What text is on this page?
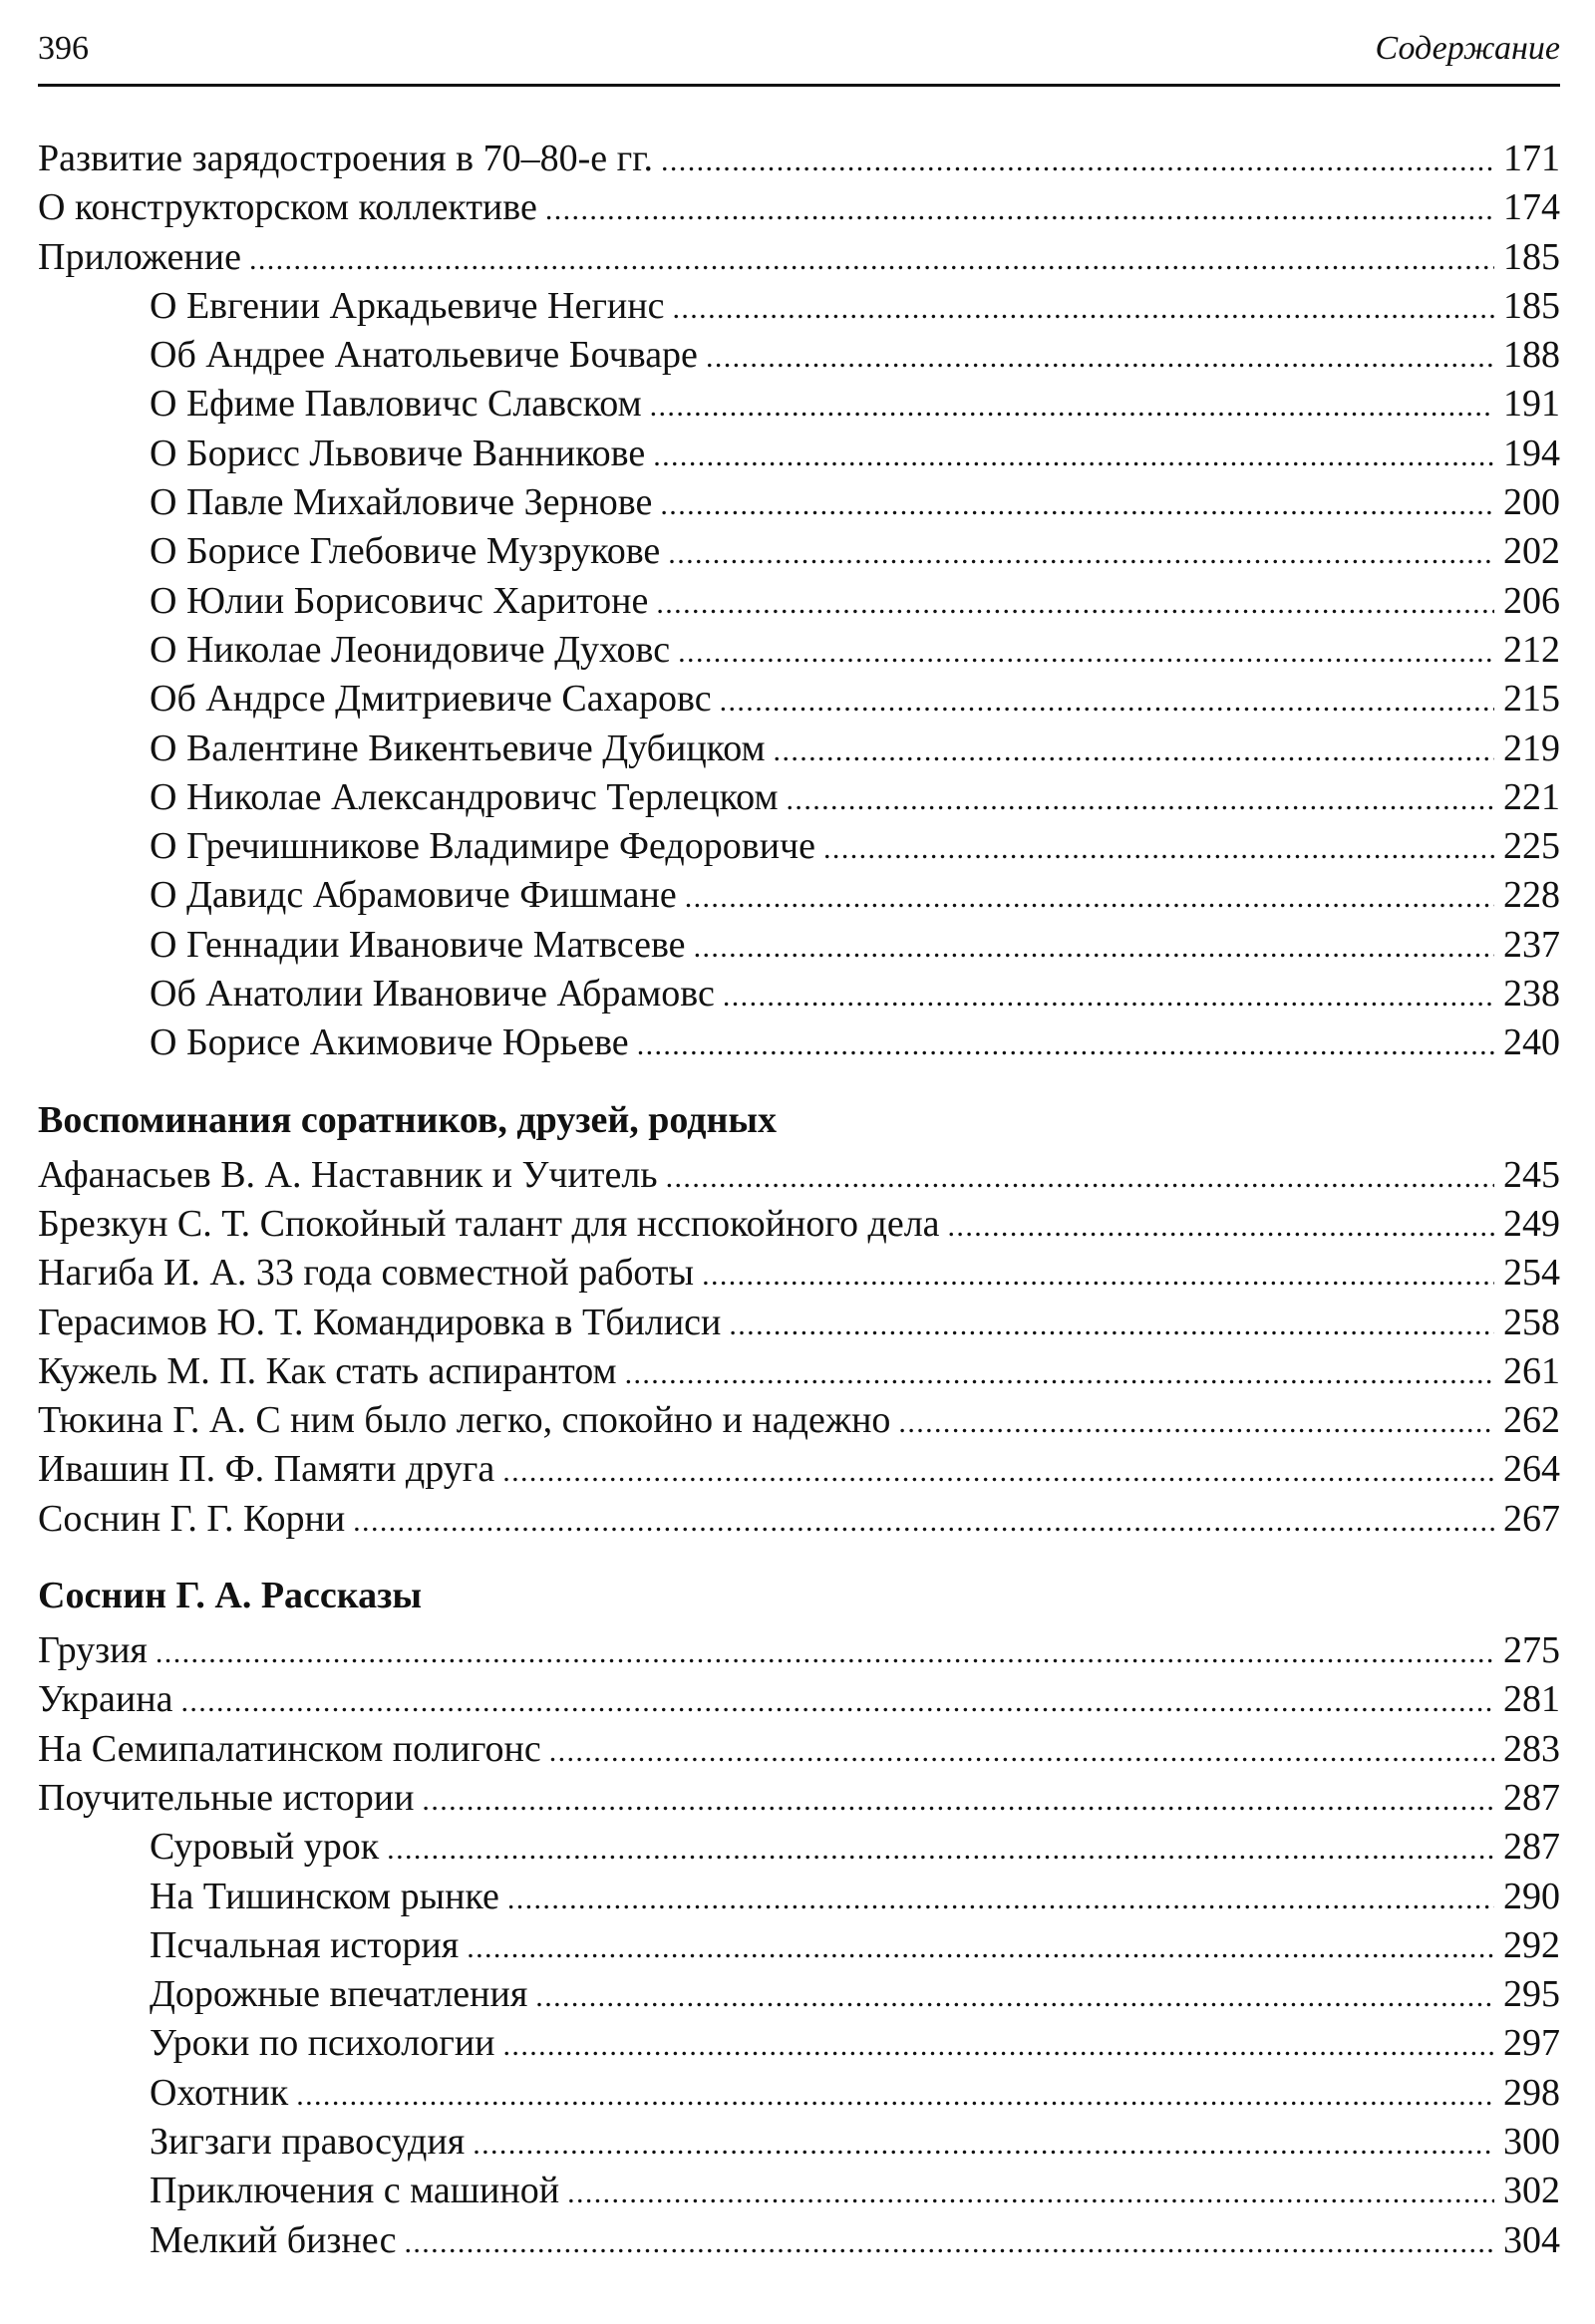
396	Содержание
Развитие зарядостроения в 70–80-е гг. .....	171
О конструкторском коллективе .....	174
Приложение .....	185
О Евгении Аркадьевиче Негинс .....	185
Об Андрее Анатольевиче Бочваре .....	188
О Ефиме Павловичс Славском .....	191
О Борисс Львовиче Ванникове .....	194
О Павле Михайловиче Зернове .....	200
О Борисе Глебовиче Музрукове .....	202
О Юлии Борисовичс Харитоне .....	206
О Николае Леонидовиче Духовс .....	212
Об Андрсе Дмитриевиче Сахаровс .....	215
О Валентине Викентьевиче Дубицком .....	219
О Николае Александровичс Терлецком .....	221
О Гречишникове Владимире Федоровиче .....	225
О Давидс Абрамовиче Фишмане .....	228
О Геннадии Ивановиче Матвсеве .....	237
Об Анатолии Ивановиче Абрамовс .....	238
О Борисе Акимовиче Юрьеве .....	240
Воспоминания соратников, друзей, родных
Афанасьев В. А. Наставник и Учитель .....	245
Брезкун С. Т. Спокойный талант для нсспокойного дела .....	249
Нагиба И. А. 33 года совместной работы .....	254
Герасимов Ю. Т. Командировка в Тбилиси .....	258
Кужель М. П. Как стать аспирантом .....	261
Тюкина Г. А. С ним было легко, спокойно и надежно .....	262
Ивашин П. Ф. Памяти друга .....	264
Соснин Г. Г. Корни .....	267
Соснин Г. А. Рассказы
Грузия .....	275
Украина .....	281
На Семипалатинском полигонс .....	283
Поучительные истории .....	287
Суровый урок .....	287
На Тишинском рынке .....	290
Пcчальная история .....	292
Дорожные впечатления .....	295
Уроки по психологии .....	297
Охотник .....	298
Зигзаги правосудия .....	300
Приключения с машиной .....	302
Мелкий бизнес .....	304
